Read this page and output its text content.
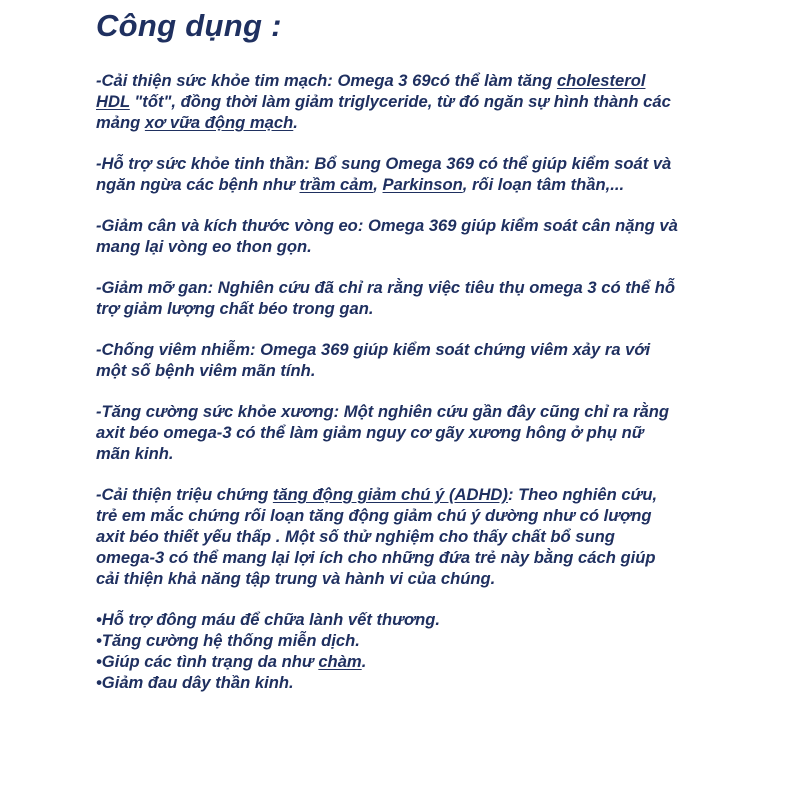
Công dụng :
-Cải thiện sức khỏe tim mạch: Omega 3 69có thể làm tăng cholesterol
HDL "tốt", đồng thời làm giảm triglyceride, từ đó ngăn sự hình thành các
mảng xơ vữa động mạch.
-Hỗ trợ sức khỏe tinh thần: Bổ sung Omega 369 có thể giúp kiểm soát và
ngăn ngừa các bệnh như trầm cảm, Parkinson, rối loạn tâm thần,...
-Giảm cân và kích thước vòng eo: Omega 369 giúp kiểm soát cân nặng và
mang lại vòng eo thon gọn.
-Giảm mỡ gan: Nghiên cứu đã chỉ ra rằng việc tiêu thụ omega 3 có thể hỗ
trợ giảm lượng chất béo trong gan.
-Chống viêm nhiễm: Omega 369 giúp kiểm soát chứng viêm xảy ra với
một số bệnh viêm mãn tính.
-Tăng cường sức khỏe xương: Một nghiên cứu gần đây cũng chỉ ra rằng
axit béo omega-3 có thể làm giảm nguy cơ gãy xương hông ở phụ nữ
mãn kinh.
-Cải thiện triệu chứng tăng động giảm chú ý (ADHD): Theo nghiên cứu,
trẻ em mắc chứng rối loạn tăng động giảm chú ý dường như có lượng
axit béo thiết yếu thấp . Một số thử nghiệm cho thấy chất bổ sung
omega-3 có thể mang lại lợi ích cho những đứa trẻ này bằng cách giúp
cải thiện khả năng tập trung và hành vi của chúng.
•Hỗ trợ đông máu để chữa lành vết thương.
•Tăng cường hệ thống miễn dịch.
•Giúp các tình trạng da như chàm.
•Giảm đau dây thần kinh.
